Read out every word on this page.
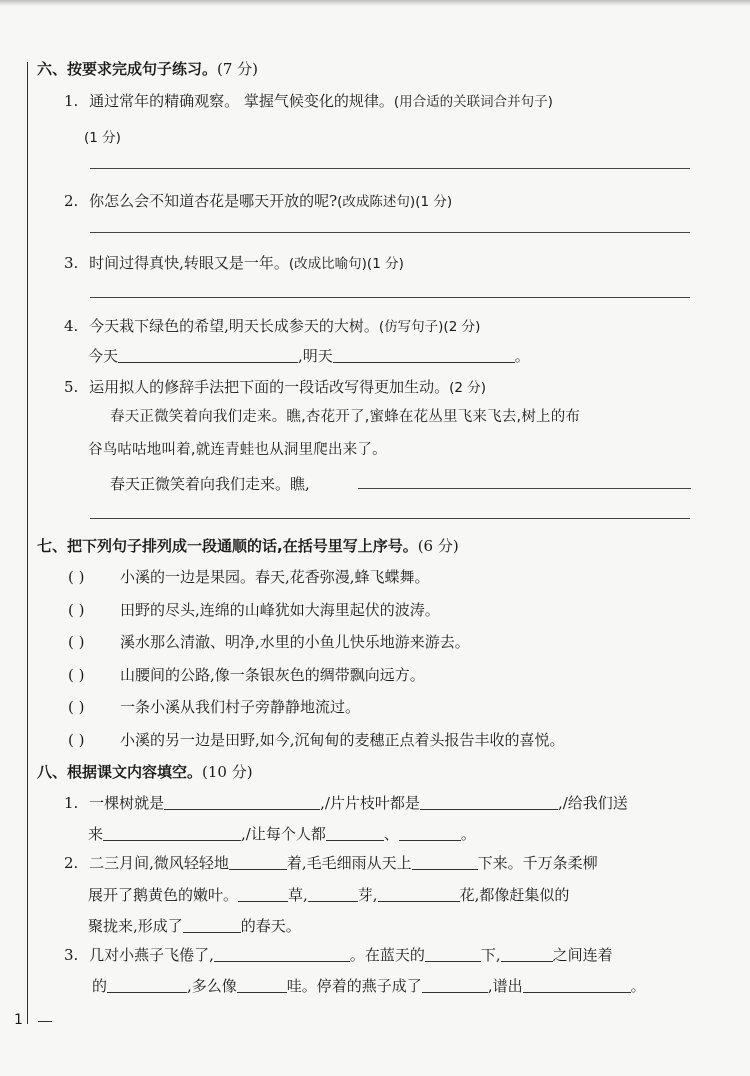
六、按要求完成句子练习。(7 分)
1. 通过常年的精确观察。 掌握气候变化的规律。(用合适的关联词合并句子)
(1 分)
2. 你怎么会不知道杏花是哪天开放的呢?(改成陈述句)(1 分)
3. 时间过得真快,转眼又是一年。(改成比喻句)(1 分)
4. 今天栽下绿色的希望,明天长成参天的大树。(仿写句子)(2 分)
今天	,明天	。
5. 运用拟人的修辞手法把下面的一段话改写得更加生动。(2 分)
春天正微笑着向我们走来。瞧,杏花开了,蜜蜂在花丛里飞来飞去,树上的布
谷鸟咕咕地叫着,就连青蛙也从洞里爬出来了。
春天正微笑着向我们走来。瞧,
七、把下列句子排列成一段通顺的话,在括号里写上序号。(6 分)
( ) 小溪的一边是果园。春天,花香弥漫,蜂飞蝶舞。
( ) 田野的尽头,连绵的山峰犹如大海里起伏的波涛。
( ) 溪水那么清澈、明净,水里的小鱼儿快乐地游来游去。
( ) 山腰间的公路,像一条银灰色的绸带飘向远方。
( ) 一条小溪从我们村子旁静静地流过。
( ) 小溪的另一边是田野,如今,沉甸甸的麦穗正点着头报告丰收的喜悦。
八、根据课文内容填空。(10 分)
1. 一棵树就是	,/片片枝叶都是	,/给我们送
来	,/让每个人都	、	。
2. 二三月间,微风轻轻地	着,毛毛细雨从天上	下来。千万条柔柳
展开了鹅黄色的嫩叶。	草,	芽,	花,都像赶集似的
聚拢来,形成了	的春天。
3. 几对小燕子飞倦了,	。在蓝天的	下,	之间连着
的	,多么像	哇。停着的燕子成了	,谱出	。
1
